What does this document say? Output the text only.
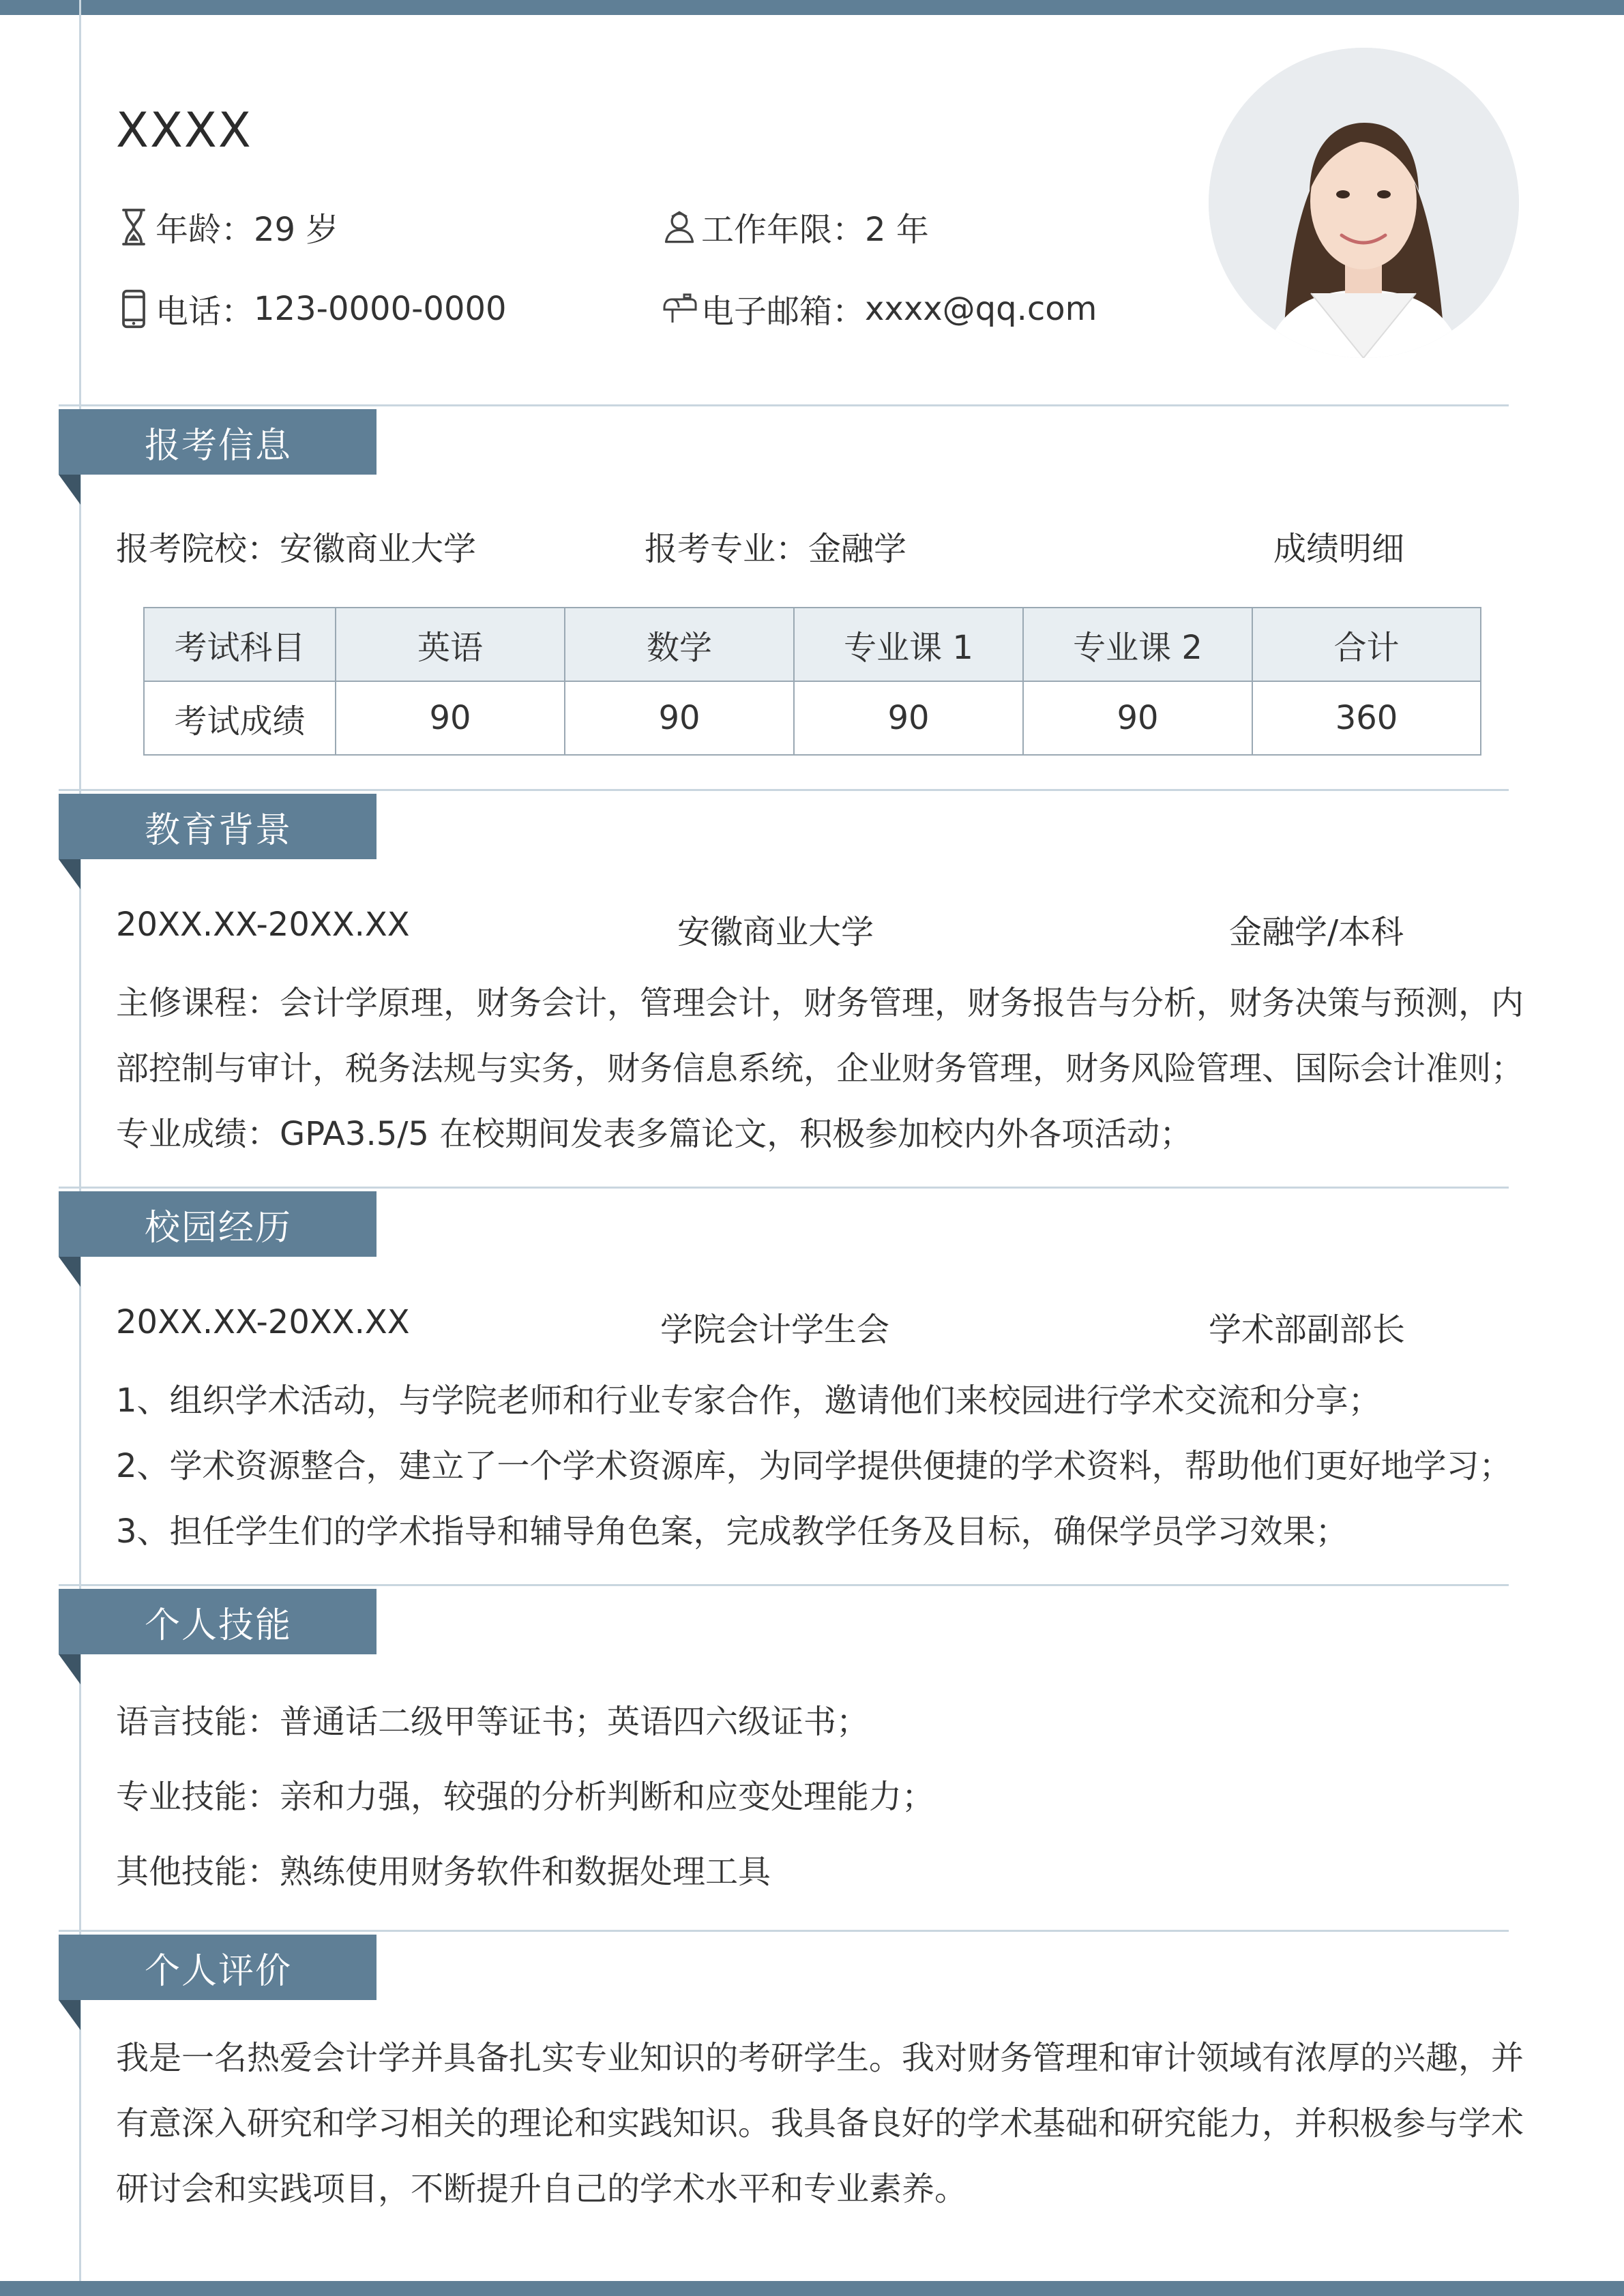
XXXX
年龄： 29 岁	工作年限： 2 年
电话： 123-0000-0000	电子邮箱： xxxx@qq.com
报考信息
报考院校：安徽商业大学	报考专业：金融学	成绩明细
考试科目	英语	数学	专业课 1	专业课 2	合计
考试成绩	90	90	90	90	360
教育背景
20XX.XX-20XX.XX	安徽商业大学	金融学/本科
主修课程：会计学原理，财务会计，管理会计，财务管理，财务报告与分析，财务决策与预测，内
部控制与审计，税务法规与实务，财务信息系统，企业财务管理，财务风险管理、国际会计准则；
专业成绩：GPA3.5/5 在校期间发表多篇论文，积极参加校内外各项活动；
校园经历
20XX.XX-20XX.XX	学院会计学生会	学术部副部长
1、组织学术活动，与学院老师和行业专家合作，邀请他们来校园进行学术交流和分享；
2、学术资源整合，建立了一个学术资源库，为同学提供便捷的学术资料，帮助他们更好地学习；
3、担任学生们的学术指导和辅导角色案，完成教学任务及目标，确保学员学习效果；
个人技能
语言技能：普通话二级甲等证书；英语四六级证书；
专业技能：亲和力强，较强的分析判断和应变处理能力；
其他技能：熟练使用财务软件和数据处理工具
个人评价
我是一名热爱会计学并具备扎实专业知识的考研学生。我对财务管理和审计领域有浓厚的兴趣，并
有意深入研究和学习相关的理论和实践知识。我具备良好的学术基础和研究能力，并积极参与学术
研讨会和实践项目，不断提升自己的学术水平和专业素养。
